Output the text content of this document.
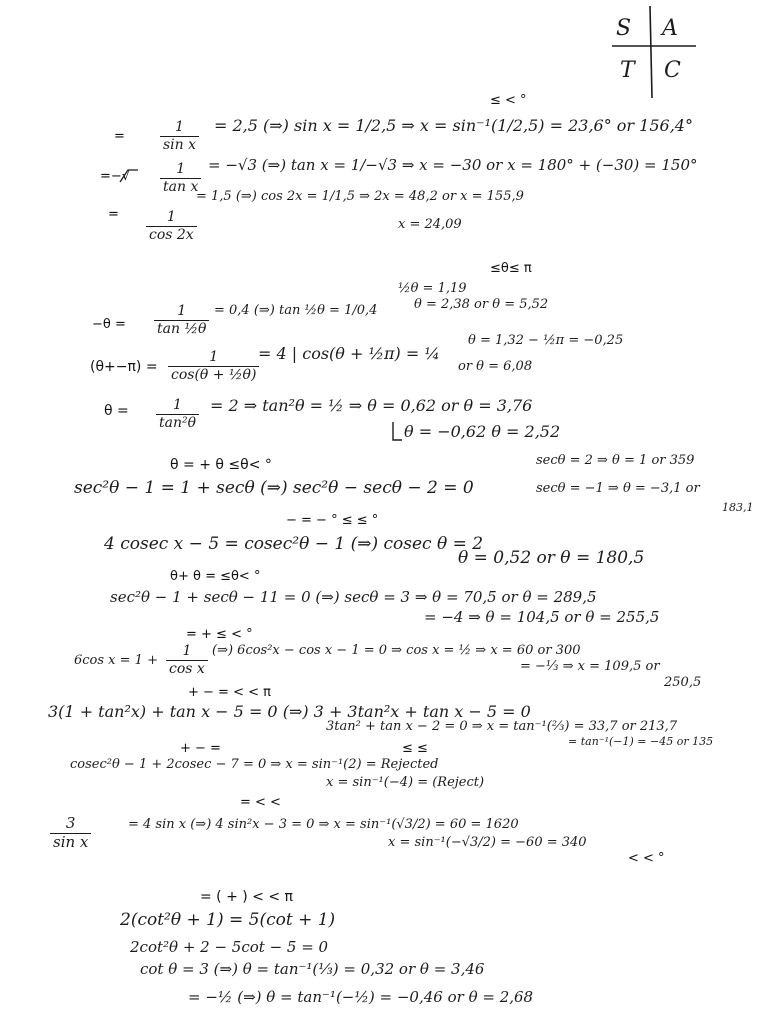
S A
T C
≤ < °
=	$\frac{1}{\text{sin x}} = 2,5$ (⇒) sin x = 1/2,5 ⇒ x = sin⁻¹(1/2,5) = 23,6° or 156,4°
=−√ $\frac{1}{\text{tan x}} = -√3$ (⇒) tan x = 1/−√3 ⇒ x = −30 or x = 180° + (−30) = 150°
= $\frac{1}{\cos 2x}$
= 1,5 (⇒) cos 2x = 1/1,5 ⇒ 2x = 48,2 or x = 155,9
x = 24,09
≤θ≤ π
$-\theta = \frac{1}{\text{tan ½θ}} = 0,4$ (⇒) tan ½θ = 1/0,4
½θ = 1,19
θ = 2,38 or θ = 5,52
$(\theta+-\pi) = \frac{1}{\text{cos(θ + ½θ)}}$
= 4 | cos(θ + ½π) = ¼
θ = 1,32 − ½π = −0,25
or θ = 6,08
$\theta = \frac{1}{\text{tan²θ}} = 2$ ⇒ tan²θ = ½ ⇒ θ = 0,62 or θ = 3,76
θ = −0,62 θ = 2,52
θ = + θ ≤θ< °	secθ = 2 ⇒ θ = 1 or 359
sec²θ − 1 = 1 + secθ (⇒) sec²θ − secθ − 2 = 0	secθ = −1 ⇒ θ = −3,1 or
183,1
− = − ° ≤ ≤ °
4 cosec x − 5 = cosec²θ − 1 (⇒) cosec θ = 2
θ = 0,52 or θ = 180,5
θ+ θ = ≤θ< °
sec²θ − 1 + secθ − 11 = 0 (⇒) secθ = 3 ⇒ θ = 70,5 or θ = 289,5
= −4 ⇒ θ = 104,5 or θ = 255,5
= + ≤ < °
6cos $x = 1 + \frac{1}{\text{cos x}}$ (⇒) 6cos²x − cos x − 1 = 0 ⇒ cos x = ½ ⇒ x = 60 or 300
= −⅓ ⇒ x = 109,5 or
250,5
+ − = < < π
3(1 + tan²x) + tan x − 5 = 0 (⇒) 3 + 3tan²x + tan x − 5 = 0
3tan² + tan x − 2 = 0 ⇒ x = tan⁻¹(⅔) = 33,7 or 213,7
= tan⁻¹(−1) = −45 or 135
+ − =	≤ ≤
cosec²θ − 1 + 2cosec − 7 = 0 ⇒ x = sin⁻¹(2) = Rejected
x = sin⁻¹(−4) = (Reject)
= < <
$\frac{3}{\text{sin x}}$	= 4 sin x (⇒) 4 sin²x − 3 = 0 ⇒ x = sin⁻¹(√3/2) = 60 = 1620
x = sin⁻¹(−√3/2) = −60 = 340
< < °
= ( + ) < < π
2(cot²θ + 1) = 5(cot + 1)
2cot²θ + 2 − 5cot − 5 = 0
cot θ = 3 (⇒) θ = tan⁻¹(⅓) = 0,32 or θ = 3,46
= −½ (⇒) θ = tan⁻¹(−½) = −0,46 or θ = 2,68
